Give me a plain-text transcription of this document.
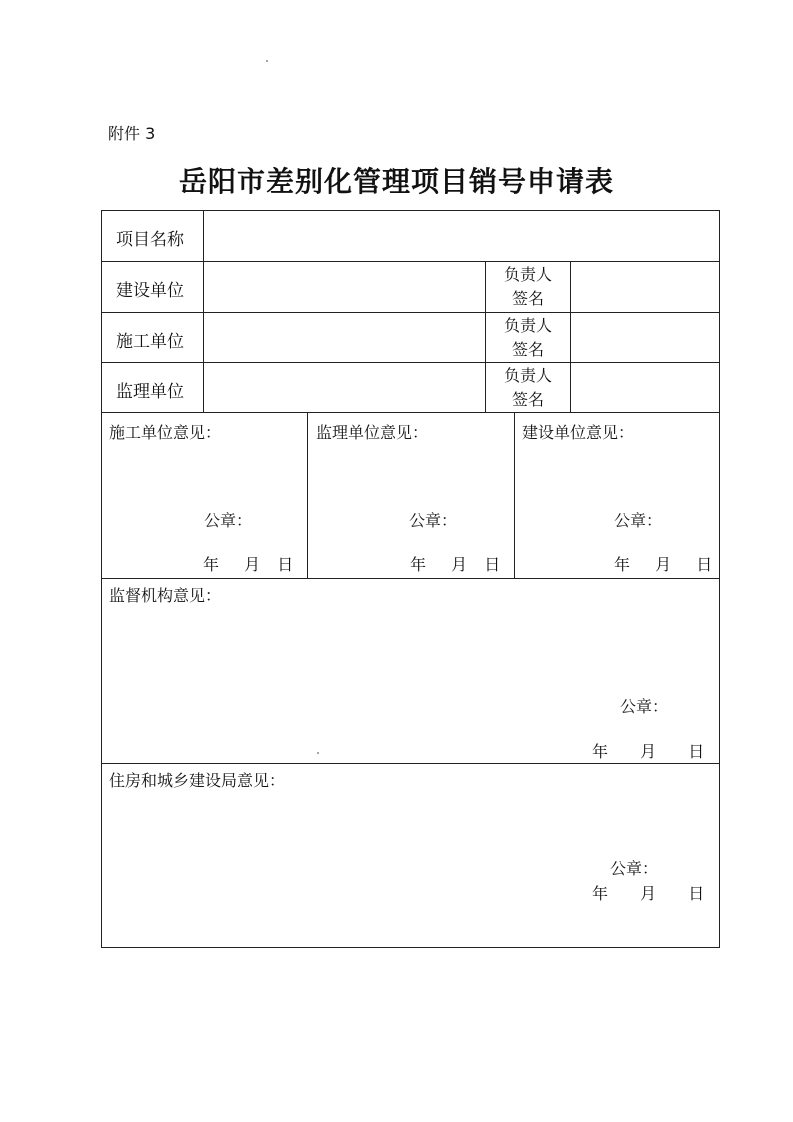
附件 3
岳阳市差别化管理项目销号申请表
项目名称
建设单位
负责人
签名
施工单位
负责人
签名
监理单位
负责人
签名
施工单位意见：
公章：
年 月 日
监理单位意见：
公章：
年 月 日
建设单位意见：
公章：
年 月 日
监督机构意见：
公章：
年 月 日
住房和城乡建设局意见：
公章：
年 月 日
